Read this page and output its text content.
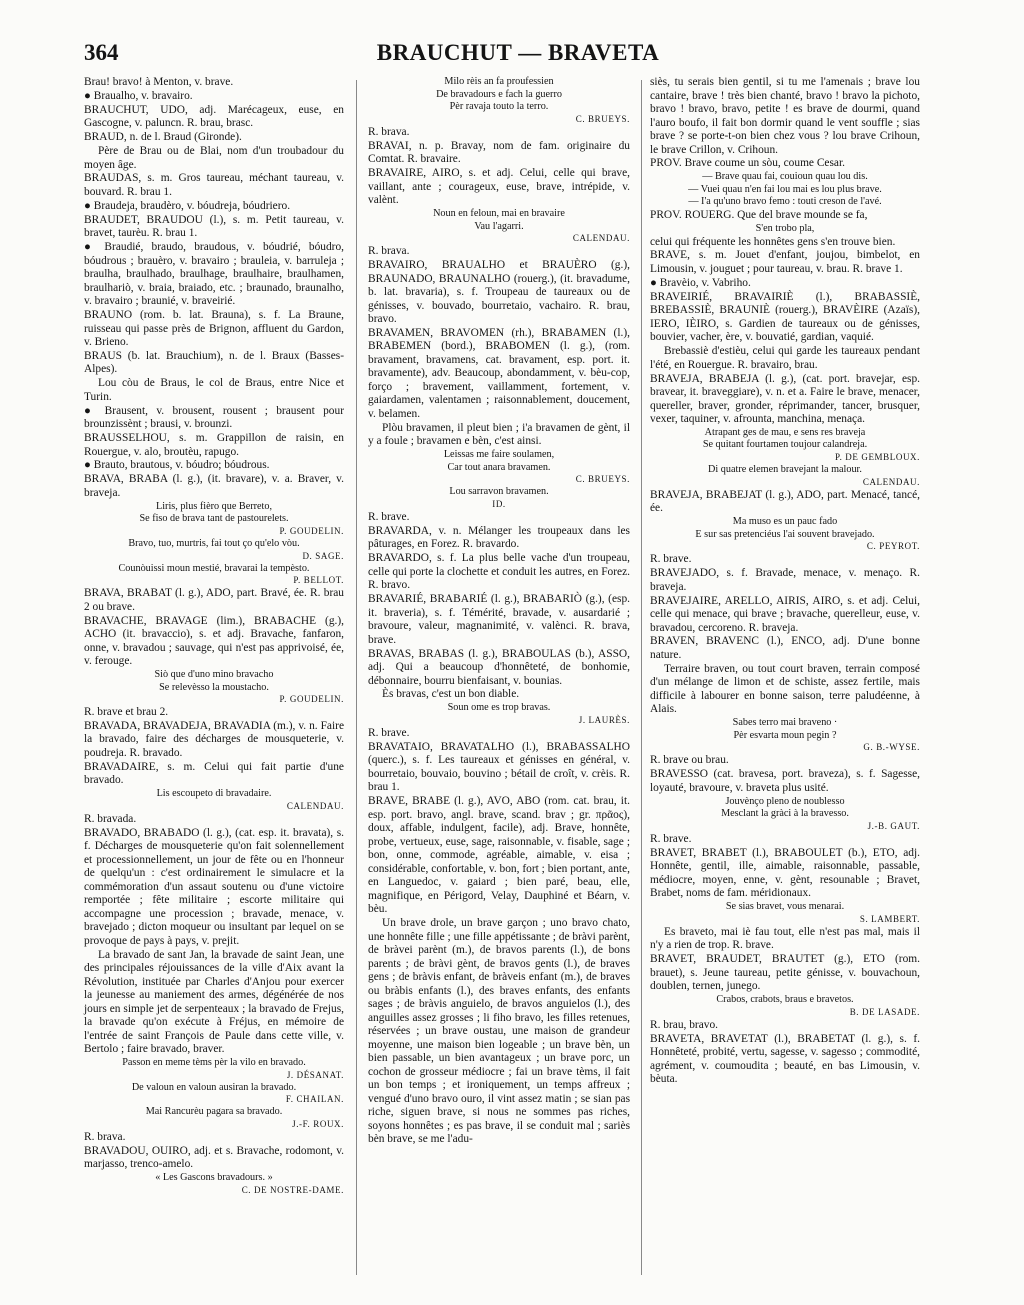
364	BRAUCHUT — BRAVETA

Brau! bravo! à Menton, v. brave.

● Braualho, v. bravairo.

BRAUCHUT, UDO, adj. Marécageux, euse, en Gascogne, v. paluncn. R. brau, brasc.

BRAUD, n. de l. Braud (Gironde).

Père de Brau ou de Blai, nom d'un troubadour du moyen âge.

BRAUDAS, s. m. Gros taureau, méchant taureau, v. bouvard. R. brau 1.

● Braudeja, braudèro, v. bóudreja, bóudriero.

BRAUDET, BRAUDOU (l.), s. m. Petit taureau, v. bravet, taurèu. R. brau 1.

● Braudié, braudo, braudous, v. bóudrié, bóudro, bóudrous ; brauèro, v. bravairo ; brauleia, v. barruleja ; braulha, braulhado, braulhage, braulhaire, braulhamen, braulhariò, v. braia, braiado, etc. ; braunado, braunalho, v. bravairo ; braunié, v. braveirié.

BRAUNO (rom. b. lat. Brauna), s. f. La Braune, ruisseau qui passe près de Brignon, affluent du Gardon, v. Brieno.

BRAUS (b. lat. Brauchium), n. de l. Braux (Basses-Alpes).

Lou còu de Braus, le col de Braus, entre Nice et Turin.

● Brausent, v. brousent, rousent ; brausent pour brounzissènt ; brausi, v. brounzi.

BRAUSSELHOU, s. m. Grappillon de raisin, en Rouergue, v. alo, broutèu, rapugo.

● Brauto, brautous, v. bóudro; bóudrous.

BRAVA, BRABA (l. g.), (it. bravare), v. a. Braver, v. braveja.

Liris, plus fièro que Berreto,

Se fiso de brava tant de pastourelets.

P. GOUDELIN.

Bravo, tuo, murtris, fai tout ço qu'elo vòu.

D. SAGE.

Counòuissi moun mestié, bravarai la tempèsto.

P. BELLOT.

BRAVA, BRABAT (l. g.), ADO, part. Bravé, ée. R. brau 2 ou brave.

BRAVACHE, BRAVAGE (lim.), BRABACHE (g.), ACHO (it. bravaccio), s. et adj. Bravache, fanfaron, onne, v. bravadou ; sauvage, qui n'est pas apprivoisé, ée, v. ferouge.

Siò que d'uno mino bravacho

Se relevèsso la moustacho.

P. GOUDELIN.

R. brave et brau 2.

BRAVADA, BRAVADEJA, BRAVADIA (m.), v. n. Faire la bravado, faire des décharges de mousqueterie, v. poudreja. R. bravado.

BRAVADAIRE, s. m. Celui qui fait partie d'une bravado.

Lis escoupeto di bravadaire.

CALENDAU.

R. bravada.

BRAVADO, BRABADO (l. g.), (cat. esp. it. bravata), s. f. Décharges de mousqueterie qu'on fait solennellement et processionnellement, un jour de fête ou en l'honneur de quelqu'un : c'est ordinairement le simulacre et la commémoration d'un assaut soutenu ou d'une victoire remportée ; fête militaire ; escorte militaire qui accompagne une procession ; bravade, menace, v. bravejado ; dicton moqueur ou insultant par lequel on se provoque de pays à pays, v. prejit.

La bravado de sant Jan, la bravade de saint Jean, une des principales réjouissances de la ville d'Aix avant la Révolution, instituée par Charles d'Anjou pour exercer la jeunesse au maniement des armes, dégénérée de nos jours en simple jet de serpenteaux ; la bravado de Frejus, la bravade qu'on exécute à Fréjus, en mémoire de l'entrée de saint François de Paule dans cette ville, v. Bertolo ; faire bravado, braver.

Passon en meme tèms pèr la vilo en bravado.

J. DÉSANAT.

De valoun en valoun ausiran la bravado.

F. CHAILAN.

Mai Rancurèu pagara sa bravado.

J.-F. ROUX.

R. brava.

BRAVADOU, OUIRO, adj. et s. Bravache, rodomont, v. marjasso, trenco-amelo.

« Les Gascons bravadours. »

C. DE NOSTRE-DAME.

Milo rèis an fa proufessien

De bravadours e fach la guerro

Pèr ravaja touto la terro.

C. BRUEYS.

R. brava.

BRAVAI, n. p. Bravay, nom de fam. originaire du Comtat. R. bravaire.

BRAVAIRE, AIRO, s. et adj. Celui, celle qui brave, vaillant, ante ; courageux, euse, brave, intrépide, v. valènt.

Noun en feloun, mai en bravaire

Vau l'agarri.

CALENDAU.

R. brava.

BRAVAIRO, BRAUALHO et BRAUÈRO (g.), BRAUNADO, BRAUNALHO (rouerg.), (it. bravadume, b. lat. bravaria), s. f. Troupeau de taureaux ou de génisses, v. bouvado, bourretaio, vachairo. R. brau, bravo.

BRAVAMEN, BRAVOMEN (rh.), BRABAMEN (l.), BRABEMEN (bord.), BRABOMEN (l. g.), (rom. bravament, bravamens, cat. bravament, esp. port. it. bravamente), adv. Beaucoup, abondamment, v. bèu-cop, forço ; bravement, vaillamment, fortement, v. gaiardamen, valentamen ; raisonnablement, doucement, v. belamen.

Plòu bravamen, il pleut bien ; i'a bravamen de gènt, il y a foule ; bravamen e bèn, c'est ainsi.

Leissas me faire soulamen,

Car tout anara bravamen.

C. BRUEYS.

Lou sarravon bravamen.

ID.

R. brave.

BRAVARDA, v. n. Mélanger les troupeaux dans les pâturages, en Forez. R. bravardo.

BRAVARDO, s. f. La plus belle vache d'un troupeau, celle qui porte la clochette et conduit les autres, en Forez. R. bravo.

BRAVARIÉ, BRABARIÉ (l. g.), BRABARIÒ (g.), (esp. it. braveria), s. f. Témérité, bravade, v. ausardarié ; bravoure, valeur, magnanimité, v. valènci. R. brava, brave.

BRAVAS, BRABAS (l. g.), BRABOULAS (b.), ASSO, adj. Qui a beaucoup d'honnêteté, de bonhomie, débonnaire, bourru bienfaisant, v. bounias.

Ès bravas, c'est un bon diable.

Soun ome es trop bravas.

J. LAURÈS.

R. brave.

BRAVATAIO, BRAVATALHO (l.), BRABASSALHO (querc.), s. f. Les taureaux et génisses en général, v. bourretaio, bouvaio, bouvino ; bétail de croît, v. crèis. R. brau 1.

BRAVE, BRABE (l. g.), AVO, ABO (rom. cat. brau, it. esp. port. bravo, angl. brave, scand. brav ; gr. πρᾶος), doux, affable, indulgent, facile), adj. Brave, honnête, probe, vertueux, euse, sage, raisonnable, v. fisable, sage ; bon, onne, commode, agréable, aimable, v. eisa ; considérable, confortable, v. bon, fort ; bien portant, ante, en Languedoc, v. gaiard ; bien paré, beau, elle, magnifique, en Périgord, Velay, Dauphiné et Béarn, v. bèu.

Un brave drole, un brave garçon ; uno bravo chato, une honnête fille ; une fille appétissante ; de bràvi parènt, de bràvei parènt (m.), de bravos parents (l.), de bons parents ; de bràvi gènt, de bravos gents (l.), de braves gens ; de bràvis enfant, de bràveis enfant (m.), de braves ou bràbis enfants (l.), des braves enfants, des enfants sages ; de bràvis anguielo, de bravos anguielos (l.), des anguilles assez grosses ; li fiho bravo, les filles retenues, réservées ; un brave oustau, une maison de grandeur moyenne, une maison bien logeable ; un brave bèn, un bien passable, un bien avantageux ; un brave porc, un cochon de grosseur médiocre ; fai un brave tèms, il fait un bon temps ; et ironiquement, un temps affreux ; vengué d'uno bravo ouro, il vint assez matin ; se sian pas riche, siguen brave, si nous ne sommes pas riches, soyons honnêtes ; es pas brave, il se conduit mal ; sariès bèn brave, se me l'adu-

siès, tu serais bien gentil, si tu me l'amenais ; brave lou cantaire, brave ! très bien chanté, bravo ! bravo la pichoto, bravo ! bravo, bravo, petite ! es brave de dourmi, quand l'auro boufo, il fait bon dormir quand le vent souffle ; sias brave ? se porte-t-on bien chez vous ? lou brave Crihoun, le brave Crillon, v. Crihoun.

PROV. Brave coume un sòu, coume Cesar.

— Brave quau fai, couioun quau lou dis.

— Vuei quau n'en fai lou mai es lou plus brave.

— I'a qu'uno bravo femo : touti creson de l'avé.

PROV. ROUERG. Que del brave mounde se fa,

S'en trobo pla,

celui qui fréquente les honnêtes gens s'en trouve bien.

BRAVE, s. m. Jouet d'enfant, joujou, bimbelot, en Limousin, v. jouguet ; pour taureau, v. brau. R. brave 1.

● Bravèio, v. Vabriho.

BRAVEIRIÉ, BRAVAIRIÈ (l.), BRABASSIÈ, BREBASSIÈ, BRAUNIÈ (rouerg.), BRAVÈIRE (Azaïs), IERO, IÈIRO, s. Gardien de taureaux ou de génisses, bouvier, vacher, ère, v. bouvatié, gardian, vaquié.

Brebassiè d'estièu, celui qui garde les taureaux pendant l'été, en Rouergue. R. bravairo, brau.

BRAVEJA, BRABEJA (l. g.), (cat. port. bravejar, esp. bravear, it. braveggiare), v. n. et a. Faire le brave, menacer, quereller, braver, gronder, réprimander, tancer, brusquer, vexer, taquiner, v. afrounta, manchina, menaça.

Atrapant ges de mau, e sens res braveja

Se quitant fourtamen toujour calandreja.

P. DE GEMBLOUX.

Di quatre elemen bravejant la malour.

CALENDAU.

BRAVEJA, BRABEJAT (l. g.), ADO, part. Menacé, tancé, ée.

Ma muso es un pauc fado

E sur sas pretenciéus l'ai souvent bravejado.

C. PEYROT.

R. brave.

BRAVEJADO, s. f. Bravade, menace, v. menaço. R. braveja.

BRAVEJAIRE, ARELLO, AIRIS, AIRO, s. et adj. Celui, celle qui menace, qui brave ; bravache, querelleur, euse, v. bravadou, cercoreno. R. braveja.

BRAVEN, BRAVENC (l.), ENCO, adj. D'une bonne nature.

Terraire braven, ou tout court braven, terrain composé d'un mélange de limon et de schiste, assez fertile, mais difficile à labourer en bonne saison, terre paludéenne, à Alais.

Sabes terro mai braveno ·

Pèr esvarta moun pegin ?

G. B.-WYSE.

R. brave ou brau.

BRAVESSO (cat. bravesa, port. braveza), s. f. Sagesse, loyauté, bravoure, v. braveta plus usité.

Jouvènço pleno de noublesso

Mesclant la gràci à la bravesso.

J.-B. GAUT.

R. brave.

BRAVET, BRABET (l.), BRABOULET (b.), ETO, adj. Honnête, gentil, ille, aimable, raisonnable, passable, médiocre, moyen, enne, v. gènt, resounable ; Bravet, Brabet, noms de fam. méridionaux.

Se sias bravet, vous menarai.

S. LAMBERT.

Es braveto, mai iè fau tout, elle n'est pas mal, mais il n'y a rien de trop. R. brave.

BRAVET, BRAUDET, BRAUTET (g.), ETO (rom. brauet), s. Jeune taureau, petite génisse, v. bouvachoun, doublen, ternen, junego.

Crabos, crabots, braus e bravetos.

B. DE LASADE.

R. brau, bravo.

BRAVETA, BRAVETAT (l.), BRABETAT (l. g.), s. f. Honnêteté, probité, vertu, sagesse, v. sagesso ; commodité, agrément, v. coumoudita ; beauté, en bas Limousin, v. bèuta.
